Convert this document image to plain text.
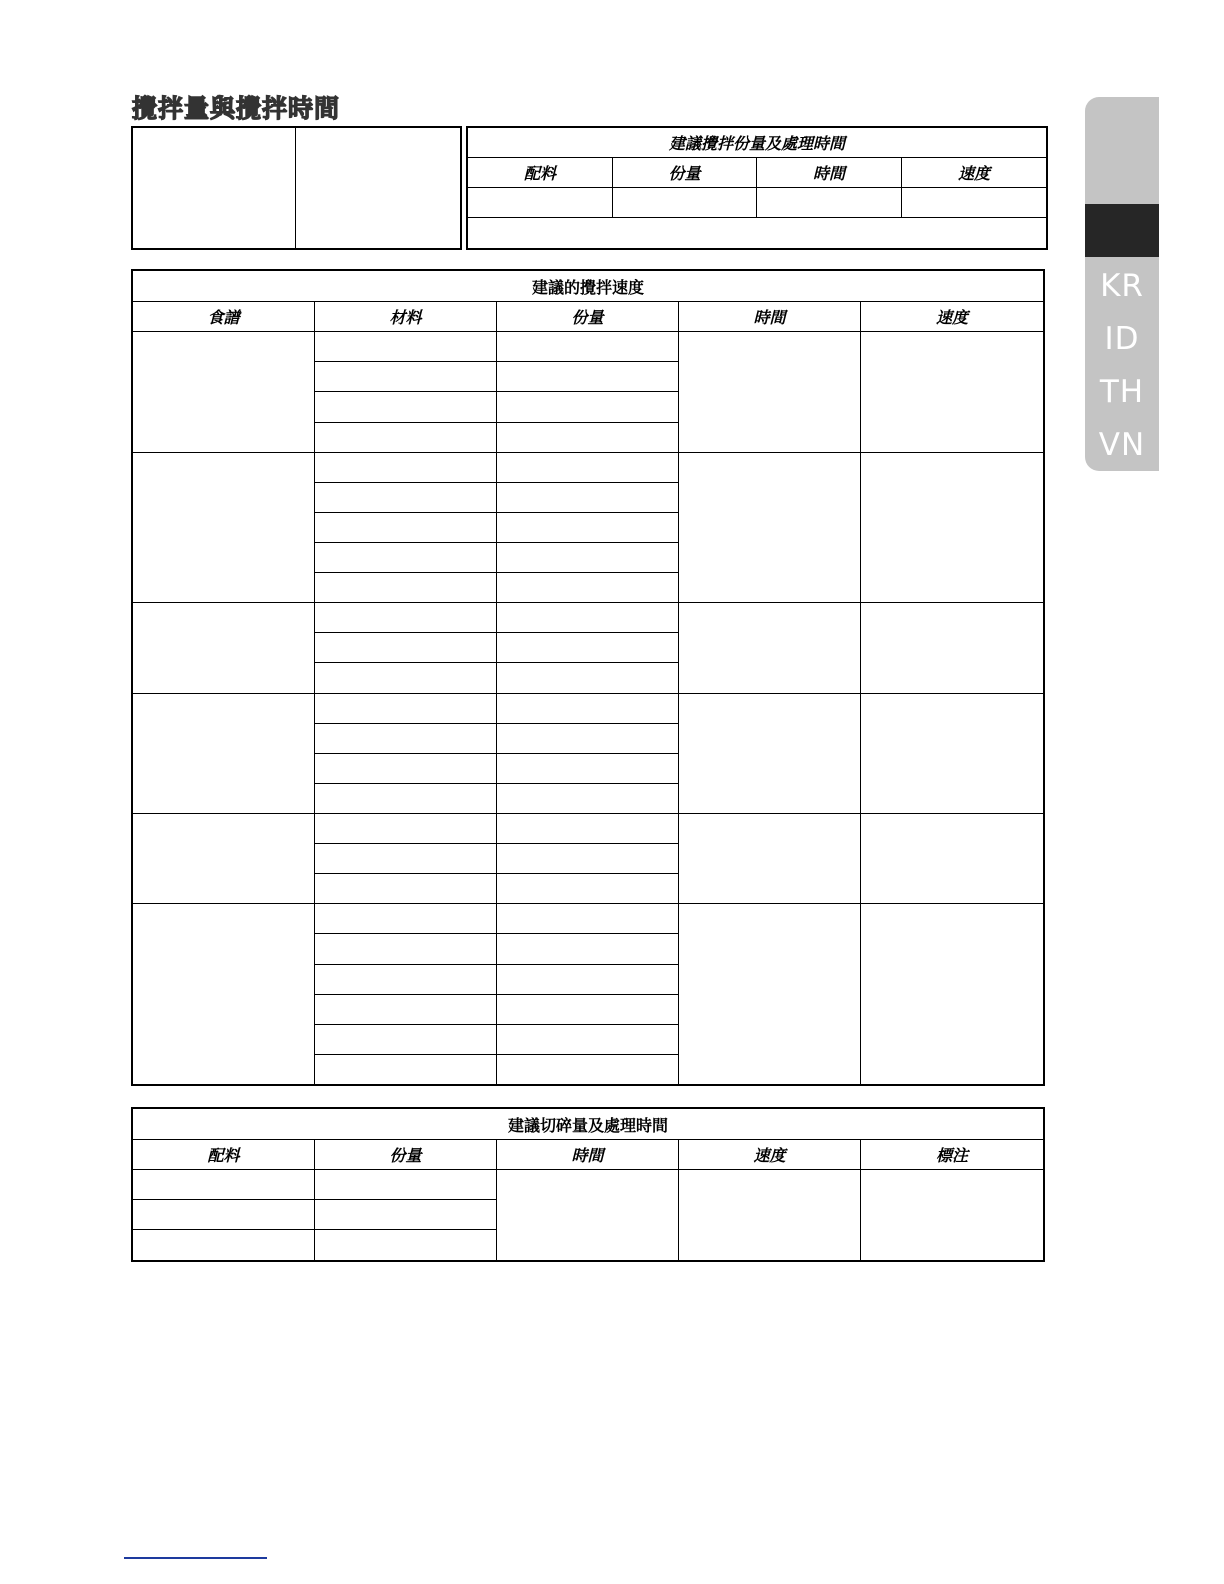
攪拌量與攪拌時間

建議攪拌份量及處理時間			
配料	份量	時間	速度

建議的攪拌速度				
食譜	材料	份量	時間	速度

建議切碎量及處理時間				
配料	份量	時間	速度	標注

KR
ID
TH
VN
